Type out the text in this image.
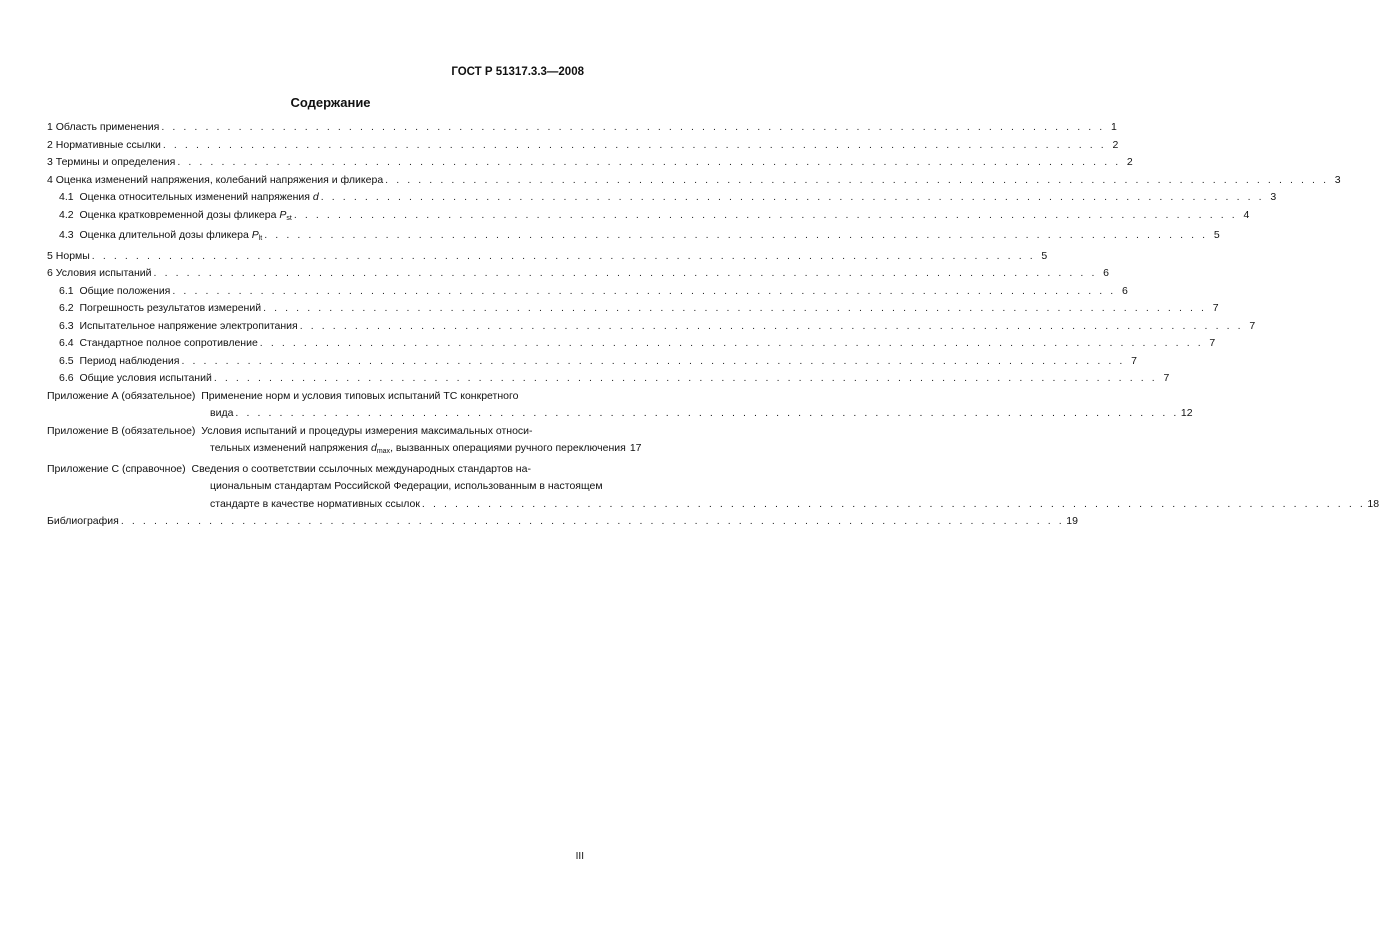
ГОСТ Р 51317.3.3—2008
Содержание
1 Область применения . . . . . . . . . . . . . . . . . . . . . . . . . . . . . . . . . . . . . . . . . . . . . . . . . . . . . . . . . . . . . . . . . . . . . . . . . . . . . . . . . . . . . . 1
2 Нормативные ссылки . . . . . . . . . . . . . . . . . . . . . . . . . . . . . . . . . . . . . . . . . . . . . . . . . . . . . . . . . . . . . . . . . . . . . . . . . . . . . . . . . . . . . . 2
3 Термины и определения . . . . . . . . . . . . . . . . . . . . . . . . . . . . . . . . . . . . . . . . . . . . . . . . . . . . . . . . . . . . . . . . . . . . . . . . . . . . . . . . . . . . . . 2
4 Оценка изменений напряжения, колебаний напряжения и фликера . . . . . . . . . . . . . . . . . . . . . . . . . . . . . . . . . . . . . . . . . . . . . . . . . . . . . . . . . . . . . . . . . . . . . . . . . . . . . . . . . . . . . . 3
4.1 Оценка относительных изменений напряжения d . . . . . . . . . . . . . . . . . . . . . . . . . . . . . . . . . . . . . . . . . . . . . . . . . . . . . . . . . . . . . . . . . . . . . . . . . . . . . . . . . . . . . . 3
4.2 Оценка кратковременной дозы фликера $P_{st}$ . . . . . . . . . . . . . . . . . . . . . . . . . . . . . . . . . . . . . . . . . . . . . . . . . . . . . . . . . . . . . . . . . . . . . . . . . . . . . . . . . . . . . . 4
4.3 Оценка длительной дозы фликера $P_{lt}$ . . . . . . . . . . . . . . . . . . . . . . . . . . . . . . . . . . . . . . . . . . . . . . . . . . . . . . . . . . . . . . . . . . . . . . . . . . . . . . . . . . . . . . 5
5 Нормы . . . . . . . . . . . . . . . . . . . . . . . . . . . . . . . . . . . . . . . . . . . . . . . . . . . . . . . . . . . . . . . . . . . . . . . . . . . . . . . . . . . . . . 5
6 Условия испытаний . . . . . . . . . . . . . . . . . . . . . . . . . . . . . . . . . . . . . . . . . . . . . . . . . . . . . . . . . . . . . . . . . . . . . . . . . . . . . . . . . . . . . . 6
6.1 Общие положения . . . . . . . . . . . . . . . . . . . . . . . . . . . . . . . . . . . . . . . . . . . . . . . . . . . . . . . . . . . . . . . . . . . . . . . . . . . . . . . . . . . . . . 6
6.2  Погрешность результатов измерений . . . . . . . . . . . . . . . . . . . . . . . . . . . . . . . . . . . . . . . . . . . . . . . . . . . . . . . . . . . . . . . . . . . . . . . . . . . . . . . . . . . . . . 7
6.3 Испытательное напряжение электропитания . . . . . . . . . . . . . . . . . . . . . . . . . . . . . . . . . . . . . . . . . . . . . . . . . . . . . . . . . . . . . . . . . . . . . . . . . . . . . . . . . . . . . . 7
6.4 Стандартное полное сопротивление . . . . . . . . . . . . . . . . . . . . . . . . . . . . . . . . . . . . . . . . . . . . . . . . . . . . . . . . . . . . . . . . . . . . . . . . . . . . . . . . . . . . . . 7
6.5 Период наблюдения . . . . . . . . . . . . . . . . . . . . . . . . . . . . . . . . . . . . . . . . . . . . . . . . . . . . . . . . . . . . . . . . . . . . . . . . . . . . . . . . . . . . . . 7
6.6 Общие условия испытаний . . . . . . . . . . . . . . . . . . . . . . . . . . . . . . . . . . . . . . . . . . . . . . . . . . . . . . . . . . . . . . . . . . . . . . . . . . . . . . . . . . . . . . 7
Приложение А (обязательное) Применение норм и условия типовых испытаний ТС конкретного
вида . . . . . . . . . . . . . . . . . . . . . . . . . . . . . . . . . . . . . . . . . . . . . . . . . . . . . . . . . . . . . . . . . . . . . . . . . . . . . . . . . . . . . . 12
Приложение В (обязательное) Условия испытаний и процедуры измерения максимальных относи-
тельных изменений напряжения $d_{max}$, вызванных операциями ручного переключения 17
Приложение С (справочное) Сведения о соответствии ссылочных международных стандартов на-
циональным стандартам Российской Федерации, использованным в настоящем
стандарте в качестве нормативных ссылок . . . . . . . . . . . . . . . . . . . . . . . . . . . . . . . . . . . . . . . . . . . . . . . . . . . . . . . . . . . . . . . . . . . . . . . . . . . . . . . . . . . . . . 18
Библиография . . . . . . . . . . . . . . . . . . . . . . . . . . . . . . . . . . . . . . . . . . . . . . . . . . . . . . . . . . . . . . . . . . . . . . . . . . . . . . . . . . . . . . 19
III
